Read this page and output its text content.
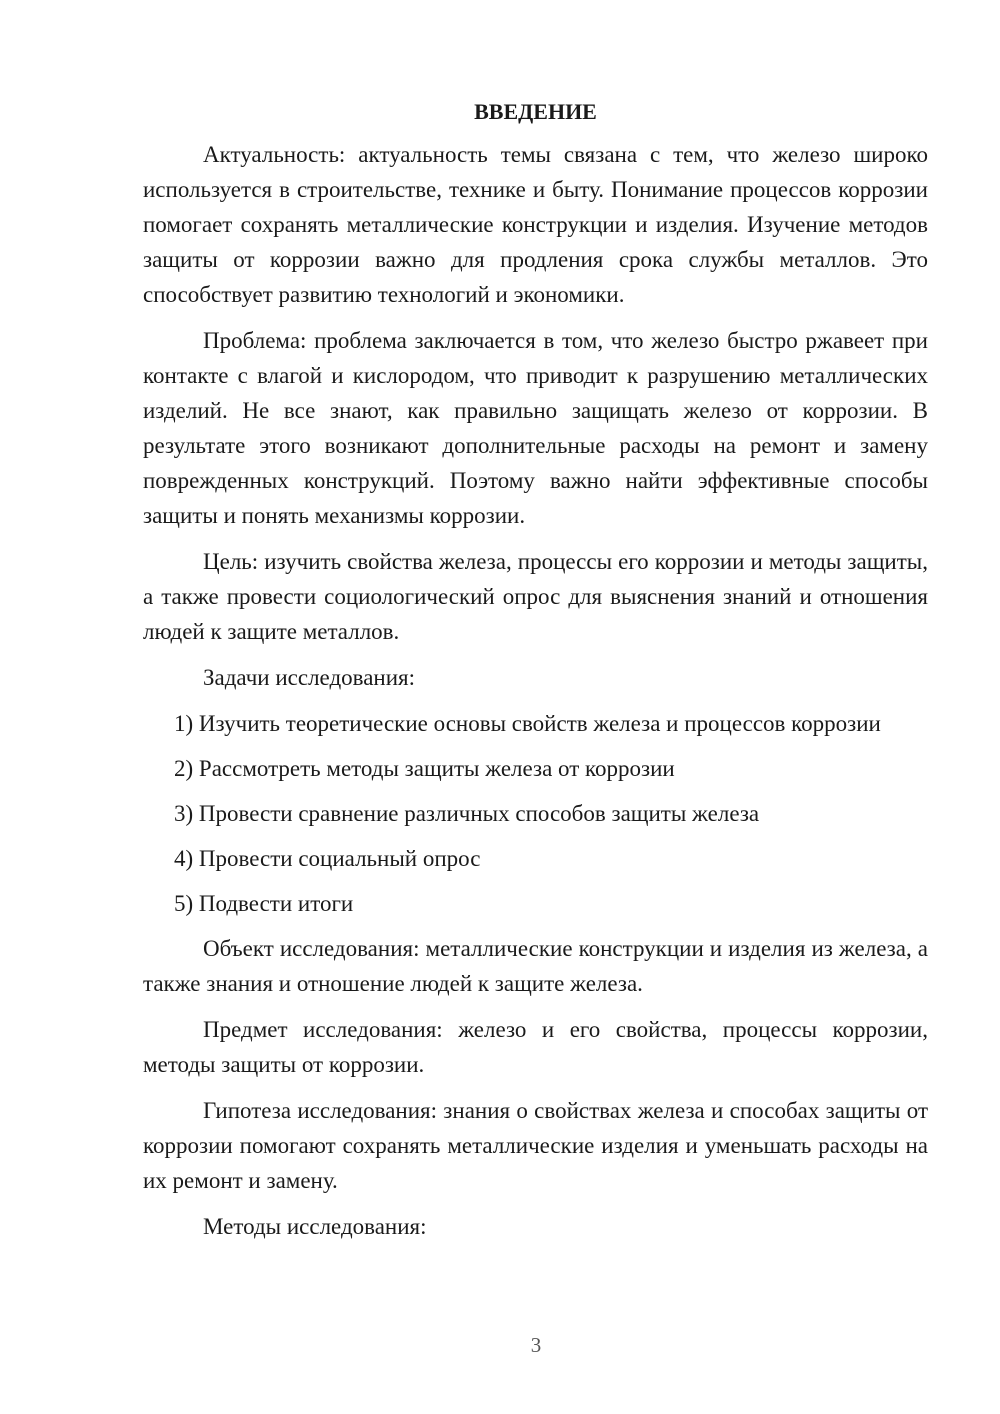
ВВЕДЕНИЕ

Актуальность: актуальность темы связана с тем, что железо широко используется в строительстве, технике и быту. Понимание процессов коррозии помогает сохранять металлические конструкции и изделия. Изучение методов защиты от коррозии важно для продления срока службы металлов. Это способствует развитию технологий и экономики.

Проблема: проблема заключается в том, что железо быстро ржавеет при контакте с влагой и кислородом, что приводит к разрушению металлических изделий. Не все знают, как правильно защищать железо от коррозии. В результате этого возникают дополнительные расходы на ремонт и замену поврежденных конструкций. Поэтому важно найти эффективные способы защиты и понять механизмы коррозии.

Цель: изучить свойства железа, процессы его коррозии и методы защиты, а также провести социологический опрос для выяснения знаний и отношения людей к защите металлов.

Задачи исследования:

1) Изучить теоретические основы свойств железа и процессов коррозии
2) Рассмотреть методы защиты железа от коррозии
3) Провести сравнение различных способов защиты железа
4) Провести социальный опрос
5) Подвести итоги

Объект исследования: металлические конструкции и изделия из железа, а также знания и отношение людей к защите железа.

Предмет исследования: железо и его свойства, процессы коррозии, методы защиты от коррозии.

Гипотеза исследования: знания о свойствах железа и способах защиты от коррозии помогают сохранять металлические изделия и уменьшать расходы на их ремонт и замену.

Методы исследования:

3
